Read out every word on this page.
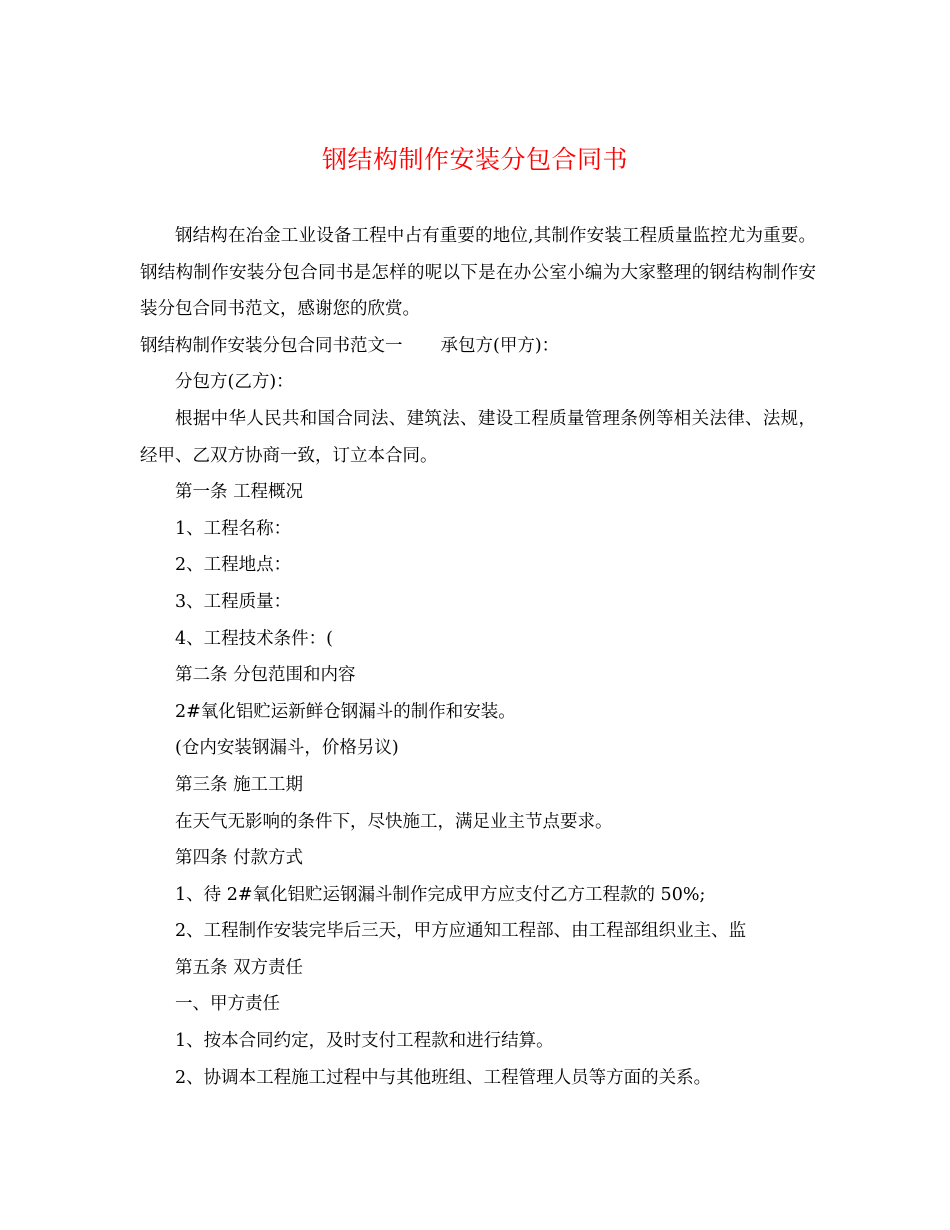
钢结构制作安装分包合同书

钢结构在冶金工业设备工程中占有重要的地位,其制作安装工程质量监控尤为重要。钢结构制作安装分包合同书是怎样的呢以下是在办公室小编为大家整理的钢结构制作安装分包合同书范文，感谢您的欣赏。

钢结构制作安装分包合同书范文一 承包方(甲方)：

分包方(乙方)：

根据中华人民共和国合同法、建筑法、建设工程质量管理条例等相关法律、法规，经甲、乙双方协商一致，订立本合同。

第一条 工程概况

1、工程名称：

2、工程地点：

3、工程质量：

4、工程技术条件：(

第二条 分包范围和内容

2#氧化铝贮运新鲜仓钢漏斗的制作和安装。

(仓内安装钢漏斗，价格另议)

第三条 施工工期

在天气无影响的条件下，尽快施工，满足业主节点要求。

第四条 付款方式

1、待 2#氧化铝贮运钢漏斗制作完成甲方应支付乙方工程款的 50%;

2、工程制作安装完毕后三天，甲方应通知工程部、由工程部组织业主、监

第五条 双方责任

一、甲方责任

1、按本合同约定，及时支付工程款和进行结算。

2、协调本工程施工过程中与其他班组、工程管理人员等方面的关系。
